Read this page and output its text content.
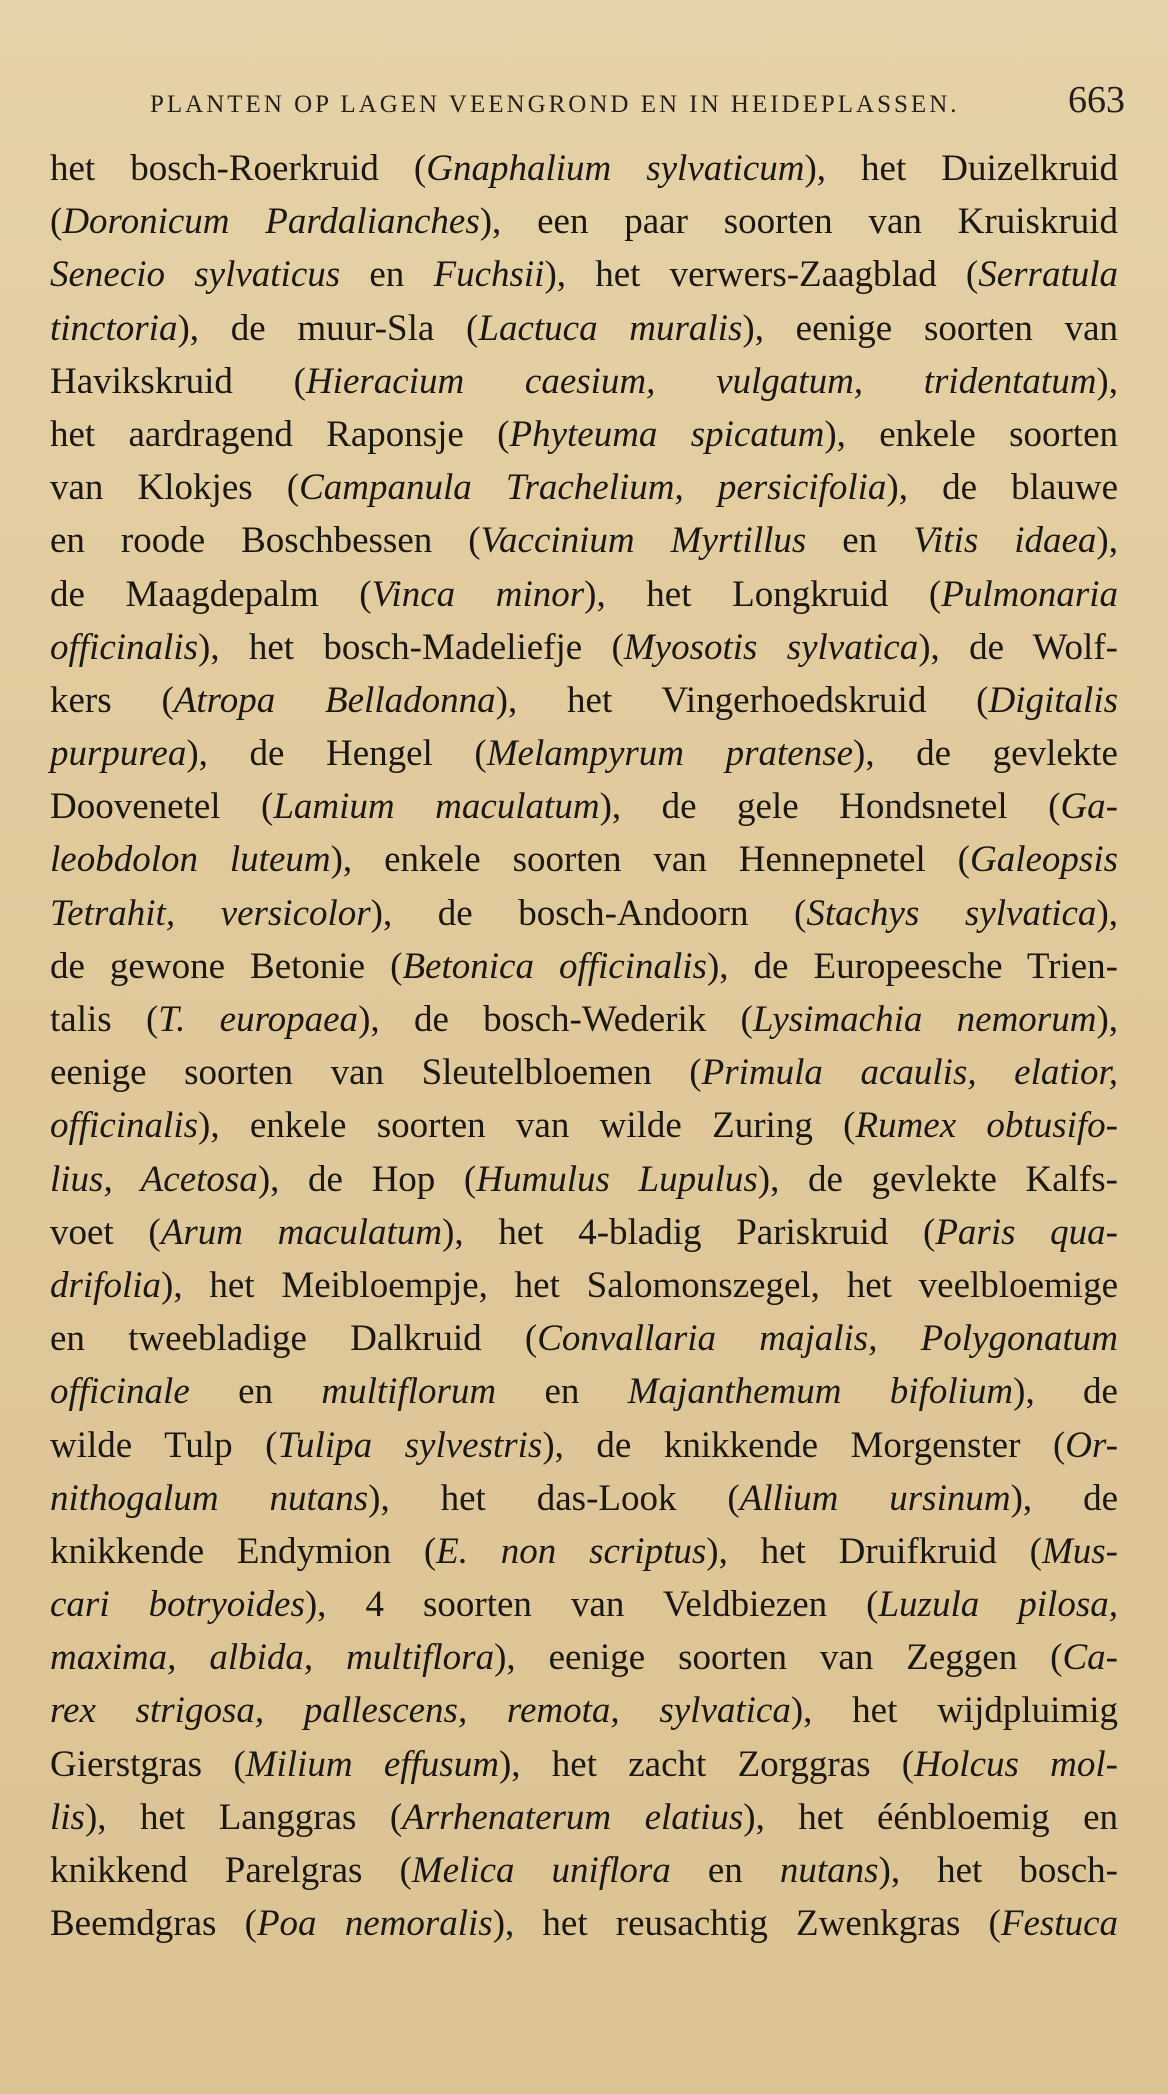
PLANTEN OP LAGEN VEENGROND EN IN HEIDEPLASSEN.	663
het bosch-Roerkruid (Gnaphalium sylvaticum), het Duizelkruid
(Doronicum Pardalianches), een paar soorten van Kruiskruid
Senecio sylvaticus en Fuchsii), het verwers-Zaagblad (Serratula
tinctoria), de muur-Sla (Lactuca muralis), eenige soorten van
Havikskruid (Hieracium caesium, vulgatum, tridentatum),
het aardragend Raponsje (Phyteuma spicatum), enkele soorten
van Klokjes (Campanula Trachelium, persicifolia), de blauwe
en roode Boschbessen (Vaccinium Myrtillus en Vitis idaea),
de Maagdepalm (Vinca minor), het Longkruid (Pulmonaria
officinalis), het bosch-Madeliefje (Myosotis sylvatica), de Wolf-
kers (Atropa Belladonna), het Vingerhoedskruid (Digitalis
purpurea), de Hengel (Melampyrum pratense), de gevlekte
Doovenetel (Lamium maculatum), de gele Hondsnetel (Ga-
leobdolon luteum), enkele soorten van Hennepnetel (Galeopsis
Tetrahit, versicolor), de bosch-Andoorn (Stachys sylvatica),
de gewone Betonie (Betonica officinalis), de Europeesche Trien-
talis (T. europaea), de bosch-Wederik (Lysimachia nemorum),
eenige soorten van Sleutelbloemen (Primula acaulis, elatior,
officinalis), enkele soorten van wilde Zuring (Rumex obtusifo-
lius, Acetosa), de Hop (Humulus Lupulus), de gevlekte Kalfs-
voet (Arum maculatum), het 4-bladig Pariskruid (Paris qua-
drifolia), het Meibloempje, het Salomonszegel, het veelbloemige
en tweebladige Dalkruid (Convallaria majalis, Polygonatum
officinale en multiflorum en Majanthemum bifolium), de
wilde Tulp (Tulipa sylvestris), de knikkende Morgenster (Or-
nithogalum nutans), het das-Look (Allium ursinum), de
knikkende Endymion (E. non scriptus), het Druifkruid (Mus-
cari botryoides), 4 soorten van Veldbiezen (Luzula pilosa,
maxima, albida, multiflora), eenige soorten van Zeggen (Ca-
rex strigosa, pallescens, remota, sylvatica), het wijdpluimig
Gierstgras (Milium effusum), het zacht Zorggras (Holcus mol-
lis), het Langgras (Arrhenaterum elatius), het éénbloemig en
knikkend Parelgras (Melica uniflora en nutans), het bosch-
Beemdgras (Poa nemoralis), het reusachtig Zwenkgras (Festuca
